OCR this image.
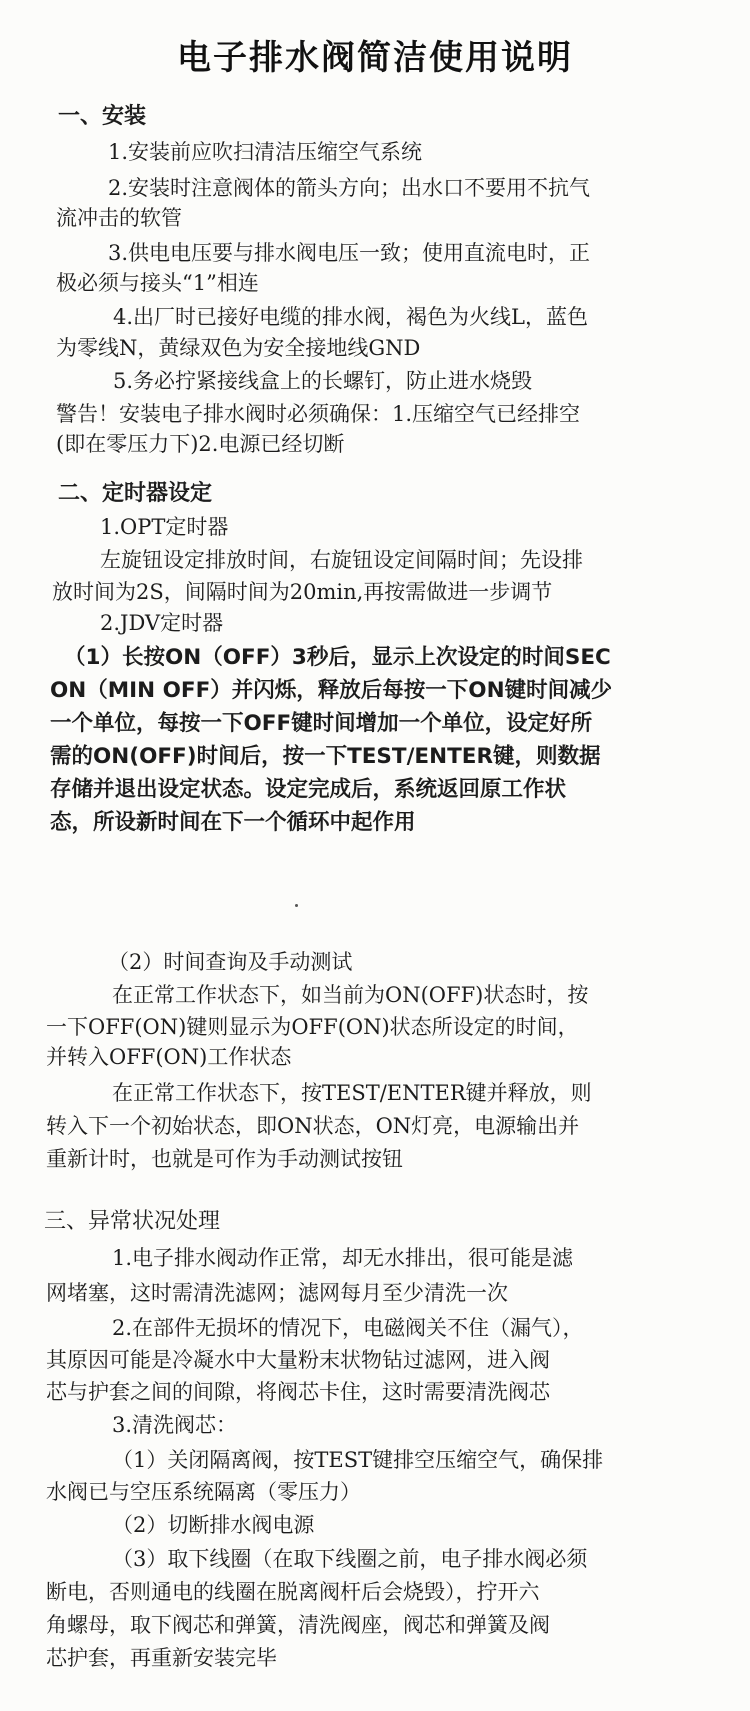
电子排水阀简洁使用说明
一、安装
1.安装前应吹扫清洁压缩空气系统
2.安装时注意阀体的箭头方向；出水口不要用不抗气
流冲击的软管
3.供电电压要与排水阀电压一致；使用直流电时，正
极必须与接头“1”相连
4.出厂时已接好电缆的排水阀，褐色为火线L，蓝色
为零线N，黄绿双色为安全接地线GND
5.务必拧紧接线盒上的长螺钉，防止进水烧毁
警告！安装电子排水阀时必须确保：1.压缩空气已经排空
(即在零压力下)2.电源已经切断
二、定时器设定
1.OPT定时器
左旋钮设定排放时间，右旋钮设定间隔时间；先设排
放时间为2S，间隔时间为20min,再按需做进一步调节
2.JDV定时器
（1）长按ON（OFF）3秒后，显示上次设定的时间SEC
ON（MIN OFF）并闪烁，释放后每按一下ON键时间减少
一个单位，每按一下OFF键时间增加一个单位，设定好所
需的ON(OFF)时间后，按一下TEST/ENTER键，则数据
存储并退出设定状态。设定完成后，系统返回原工作状
态，所设新时间在下一个循环中起作用
（2）时间查询及手动测试
在正常工作状态下，如当前为ON(OFF)状态时，按
一下OFF(ON)键则显示为OFF(ON)状态所设定的时间，
并转入OFF(ON)工作状态
在正常工作状态下，按TEST/ENTER键并释放，则
转入下一个初始状态，即ON状态，ON灯亮，电源输出并
重新计时，也就是可作为手动测试按钮
三、异常状况处理
1.电子排水阀动作正常，却无水排出，很可能是滤
网堵塞，这时需清洗滤网；滤网每月至少清洗一次
2.在部件无损坏的情况下，电磁阀关不住（漏气），
其原因可能是冷凝水中大量粉末状物钻过滤网，进入阀
芯与护套之间的间隙，将阀芯卡住，这时需要清洗阀芯
3.清洗阀芯：
（1）关闭隔离阀，按TEST键排空压缩空气，确保排
水阀已与空压系统隔离（零压力）
（2）切断排水阀电源
（3）取下线圈（在取下线圈之前，电子排水阀必须
断电，否则通电的线圈在脱离阀杆后会烧毁），拧开六
角螺母，取下阀芯和弹簧，清洗阀座，阀芯和弹簧及阀
芯护套，再重新安装完毕
